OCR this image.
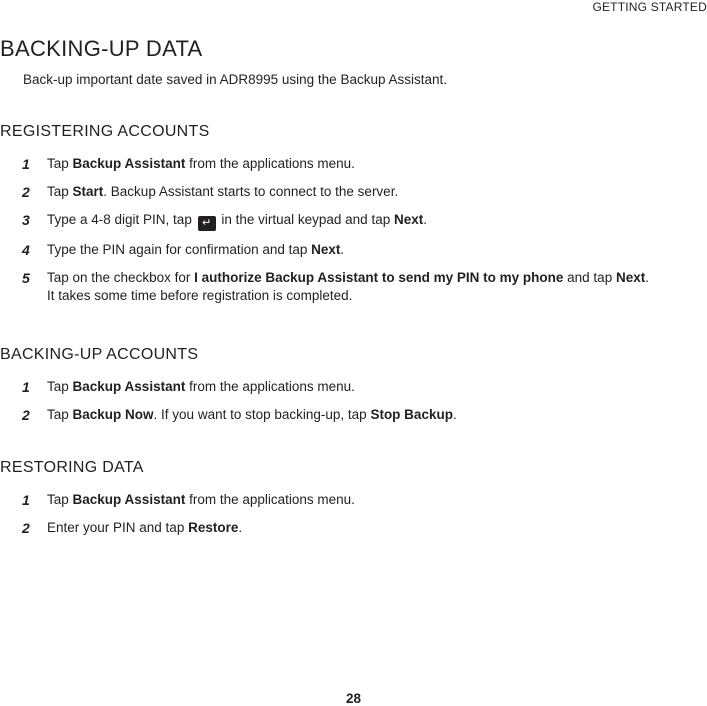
GETTING STARTED
BACKING-UP DATA

Back-up important date saved in ADR8995 using the Backup Assistant.

REGISTERING ACCOUNTS
1 Tap Backup Assistant from the applications menu.
2 Tap Start. Backup Assistant starts to connect to the server.
3 Type a 4-8 digit PIN, tap ↵ in the virtual keypad and tap Next.
4 Type the PIN again for confirmation and tap Next.
5 Tap on the checkbox for I authorize Backup Assistant to send my PIN to my phone and tap Next.
It takes some time before registration is completed.
BACKING-UP ACCOUNTS
1 Tap Backup Assistant from the applications menu.
2 Tap Backup Now. If you want to stop backing-up, tap Stop Backup.
RESTORING DATA
1 Tap Backup Assistant from the applications menu.
2 Enter your PIN and tap Restore.
28
